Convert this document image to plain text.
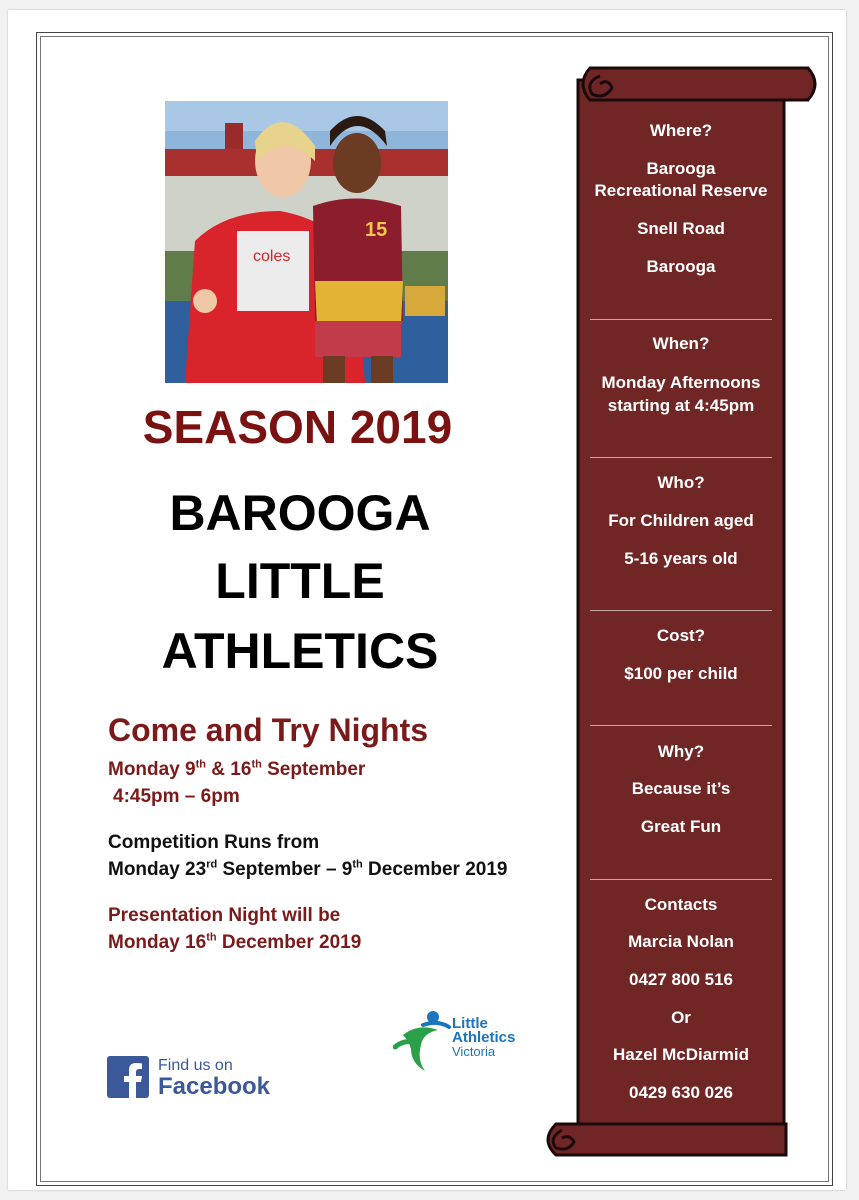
15
coles
SEASON 2019
BAROOGA
LITTLE
ATHLETICS
Come and Try Nights
Monday 9th & 16th September
4:45pm – 6pm
Competition Runs from
Monday 23rd September – 9th December 2019
Presentation Night will be
Monday 16th December 2019
Where?
Barooga
Recreational Reserve
Snell Road
Barooga
When?
Monday Afternoons
starting at 4:45pm
Who?
For Children aged
5-16 years old
Cost?
$100 per child
Why?
Because it’s
Great Fun
Contacts
Marcia Nolan
0427 800 516
Or
Hazel McDiarmid
0429 630 026
Find us on
Facebook
Little
Athletics
Victoria
